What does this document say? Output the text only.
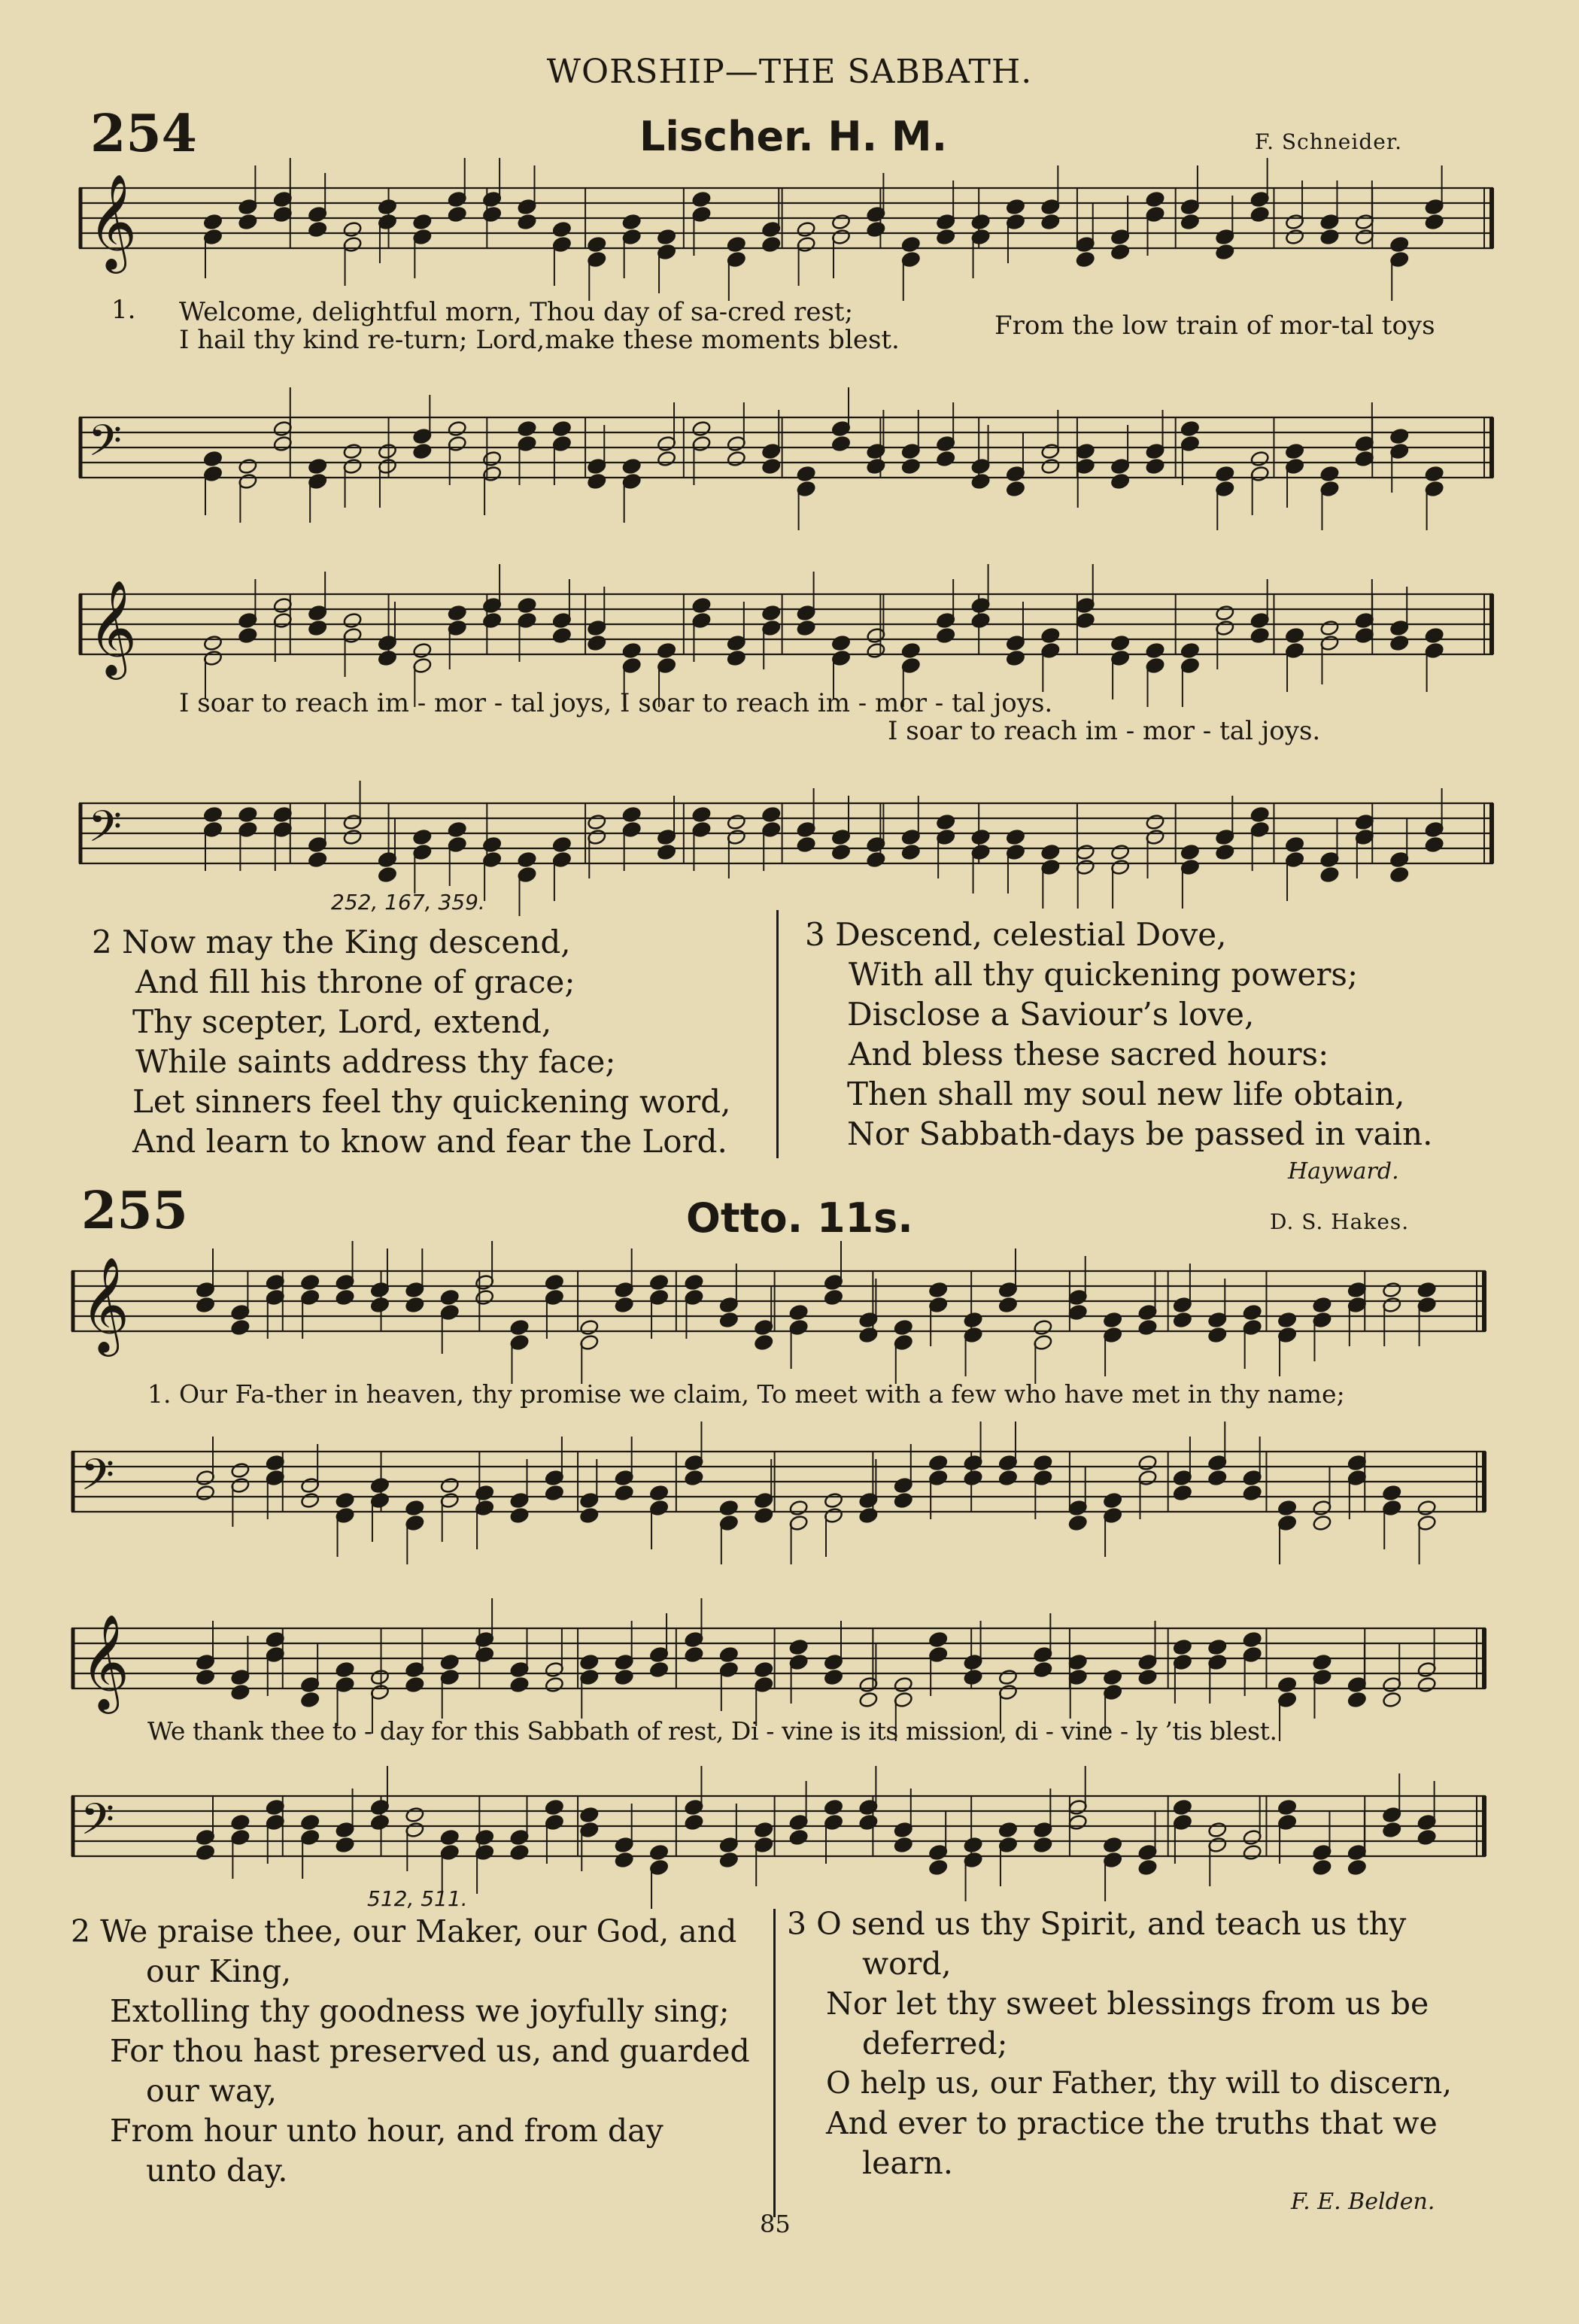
WORSHIP—THE SABBATH.
254	Lischer. H. M.	F. Schneider.
𝄞
1. Welcome, delightful morn, Thou day of sa-cred rest;
I hail thy kind re-turn; Lord,make these moments blest.	From the low train of mor-tal toys
𝄢
𝄞
I soar to reach im - mor - tal joys, I soar to reach im - mor - tal joys.
I soar to reach im - mor - tal joys.
𝄢
252, 167, 359.
2 Now may the King descend,
And fill his throne of grace;
Thy scepter, Lord, extend,
While saints address thy face;
Let sinners feel thy quickening word,
And learn to know and fear the Lord.
3 Descend, celestial Dove,
With all thy quickening powers;
Disclose a Saviour’s love,
And bless these sacred hours:
Then shall my soul new life obtain,
Nor Sabbath-days be passed in vain.
Hayward.
255	Otto. 11s.	D. S. Hakes.
𝄞
1. Our Fa-ther in heaven, thy promise we claim, To meet with a few who have met in thy name;
𝄢
𝄞
We thank thee to - day for this Sabbath of rest, Di - vine is its mission, di - vine - ly ’tis blest.
𝄢
512, 511.
2 We praise thee, our Maker, our God, and
our King,
Extolling thy goodness we joyfully sing;
For thou hast preserved us, and guarded
our way,
From hour unto hour, and from day
unto day.
3 O send us thy Spirit, and teach us thy
word,
Nor let thy sweet blessings from us be
deferred;
O help us, our Father, thy will to discern,
And ever to practice the truths that we
learn.
F. E. Belden.
85
